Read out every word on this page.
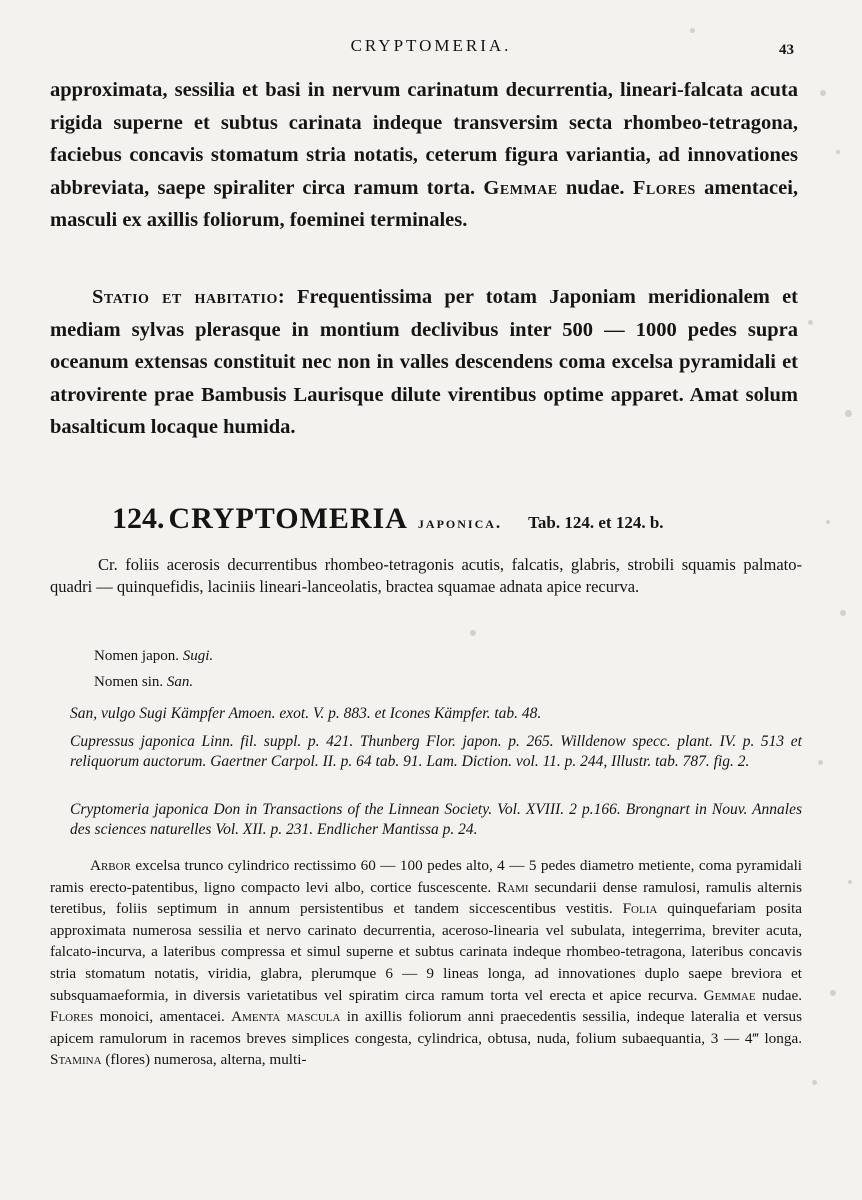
CRYPTOMERIA.	43

approximata, sessilia et basi in nervum carinatum decurrentia, lineari-falcata acuta rigida superne et subtus carinata indeque transversim secta rhombeo-tetragona, faciebus concavis stomatum stria notatis, ceterum figura variantia, ad innovationes abbreviata, saepe spiraliter circa ramum torta. Gemmae nudae. Flores amentacei, masculi ex axillis foliorum, foeminei terminales.

Statio et habitatio: Frequentissima per totam Japoniam meridionalem et mediam sylvas plerasque in montium declivibus inter 500 — 1000 pedes supra oceanum extensas constituit nec non in valles descendens coma excelsa pyramidali et atrovirente prae Bambusis Laurisque dilute virentibus optime apparet. Amat solum basalticum locaque humida.

124. CRYPTOMERIA japonica. Tab. 124. et 124. b.

Cr. foliis acerosis decurrentibus rhombeo-tetragonis acutis, falcatis, glabris, strobili squamis palmato-quadri — quinquefidis, laciniis lineari-lanceolatis, bractea squamae adnata apice recurva.

Nomen japon. Sugi.
Nomen sin. San.

San, vulgo Sugi Kämpfer Amoen. exot. V. p. 883. et Icones Kämpfer. tab. 48.

Cupressus japonica Linn. fil. suppl. p. 421. Thunberg Flor. japon. p. 265. Willdenow specc. plant. IV. p. 513 et reliquorum auctorum. Gaertner Carpol. II. p. 64 tab. 91. Lam. Diction. vol. 11. p. 244, Illustr. tab. 787. fig. 2.

Cryptomeria japonica Don in Transactions of the Linnean Society. Vol. XVIII. 2 p.166. Brongnart in Nouv. Annales des sciences naturelles Vol. XII. p. 231. Endlicher Mantissa p. 24.

Arbor excelsa trunco cylindrico rectissimo 60 — 100 pedes alto, 4 — 5 pedes diametro metiente, coma pyramidali ramis erecto-patentibus, ligno compacto levi albo, cortice fuscescente. Rami secundarii dense ramulosi, ramulis alternis teretibus, foliis septimum in annum persistentibus et tandem siccescentibus vestitis. Folia quinquefariam posita approximata numerosa sessilia et nervo carinato decurrentia, aceroso-linearia vel subulata, integerrima, breviter acuta, falcato-incurva, a lateribus compressa et simul superne et subtus carinata indeque rhombeo-tetragona, lateribus concavis stria stomatum notatis, viridia, glabra, plerumque 6 — 9 lineas longa, ad innovationes duplo saepe breviora et subsquamaeformia, in diversis varietatibus vel spiratim circa ramum torta vel erecta et apice recurva. Gemmae nudae. Flores monoici, amentacei. Amenta mascula in axillis foliorum anni praecedentis sessilia, indeque lateralia et versus apicem ramulorum in racemos breves simplices congesta, cylindrica, obtusa, nuda, folium subaequantia, 3 — 4‴ longa. Stamina (flores) numerosa, alterna, multi-
